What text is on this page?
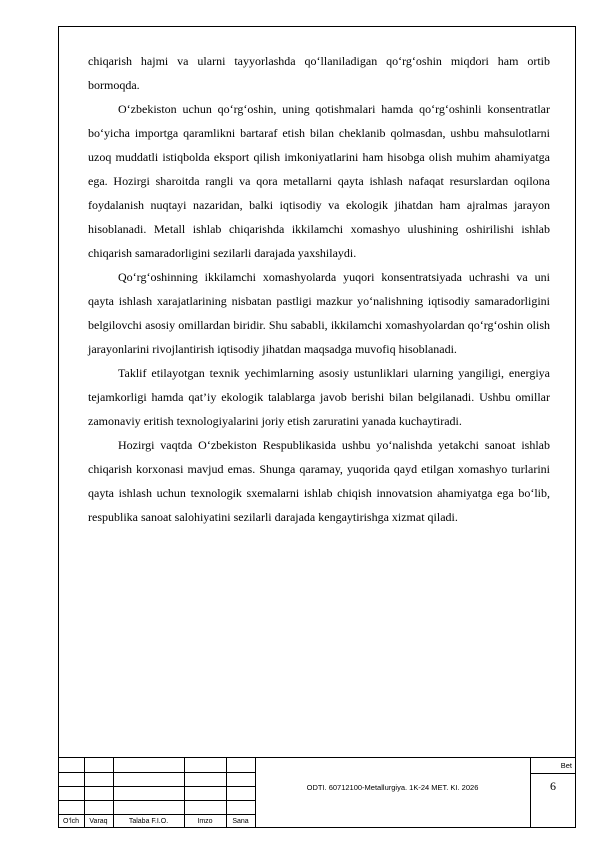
chiqarish hajmi va ularni tayyorlashda qo‘llaniladigan qo‘rg‘oshin miqdori ham ortib bormoqda.

O‘zbekiston uchun qo‘rg‘oshin, uning qotishmalari hamda qo‘rg‘oshinli konsentratlar bo‘yicha importga qaramlikni bartaraf etish bilan cheklanib qolmasdan, ushbu mahsulotlarni uzoq muddatli istiqbolda eksport qilish imkoniyatlarini ham hisobga olish muhim ahamiyatga ega. Hozirgi sharoitda rangli va qora metallarni qayta ishlash nafaqat resurslardan oqilona foydalanish nuqtayi nazaridan, balki iqtisodiy va ekologik jihatdan ham ajralmas jarayon hisoblanadi. Metall ishlab chiqarishda ikkilamchi xomashyo ulushining oshirilishi ishlab chiqarish samaradorligini sezilarli darajada yaxshilaydi.

Qo‘rg‘oshinning ikkilamchi xomashyolarda yuqori konsentratsiyada uchrashi va uni qayta ishlash xarajatlarining nisbatan pastligi mazkur yo‘nalishning iqtisodiy samaradorligini belgilovchi asosiy omillardan biridir. Shu sababli, ikkilamchi xomashyolardan qo‘rg‘oshin olish jarayonlarini rivojlantirish iqtisodiy jihatdan maqsadga muvofiq hisoblanadi.

Taklif etilayotgan texnik yechimlarning asosiy ustunliklari ularning yangiligi, energiya tejamkorligi hamda qat’iy ekologik talablarga javob berishi bilan belgilanadi. Ushbu omillar zamonaviy eritish texnologiyalarini joriy etish zaruratini yanada kuchaytiradi.

Hozirgi vaqtda O‘zbekiston Respublikasida ushbu yo‘nalishda yetakchi sanoat ishlab chiqarish korxonasi mavjud emas. Shunga qaramay, yuqorida qayd etilgan xomashyo turlarini qayta ishlash uchun texnologik sxemalarni ishlab chiqish innovatsion ahamiyatga ega bo‘lib, respublika sanoat salohiyatini sezilarli darajada kengaytirishga xizmat qiladi.

O‘lch	Varaq	Talaba F.I.O.	Imzo	Sana
ODTI. 60712100-Metallurgiya. 1K-24 MET. KI. 2026
Bet
6
